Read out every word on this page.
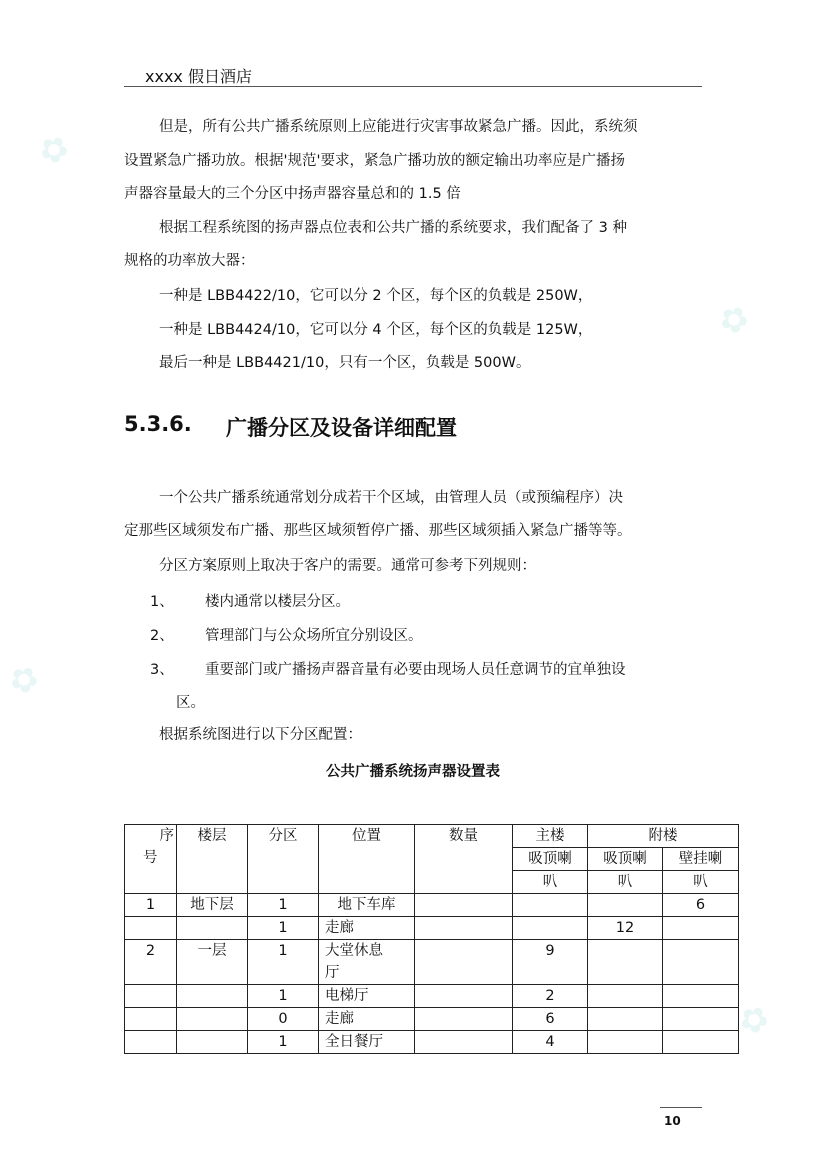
✿
✿
✿
✿
xxxx 假日酒店
但是，所有公共广播系统原则上应能进行灾害事故紧急广播。因此，系统须
设置紧急广播功放。根据'规范'要求，紧急广播功放的额定输出功率应是广播扬
声器容量最大的三个分区中扬声器容量总和的 1.5 倍
根据工程系统图的扬声器点位表和公共广播的系统要求，我们配备了 3 种
规格的功率放大器：
一种是 LBB4422/10，它可以分 2 个区，每个区的负载是 250W，
一种是 LBB4424/10，它可以分 4 个区，每个区的负载是 125W，
最后一种是 LBB4421/10，只有一个区，负载是 500W。
5.3.6. 广播分区及设备详细配置
一个公共广播系统通常划分成若干个区域，由管理人员（或预编程序）决
定那些区域须发布广播、那些区域须暂停广播、那些区域须插入紧急广播等等。
分区方案原则上取决于客户的需要。通常可参考下列规则：
1、 楼内通常以楼层分区。
2、 管理部门与公众场所宜分别设区。
3、 重要部门或广播扬声器音量有必要由现场人员任意调节的宜单独设
区。
根据系统图进行以下分区配置：
公共广播系统扬声器设置表
序
号	楼层	分区	位置	数量	主楼	附楼	
					吸顶喇	吸顶喇	壁挂喇
					叭	叭	叭
1	地下层	1	地下车库				6
		1	走廊			12	
2	一层	1	大堂休息
厅		9		
		1	电梯厅		2		
		0	走廊		6		
		1	全日餐厅		4		
10
